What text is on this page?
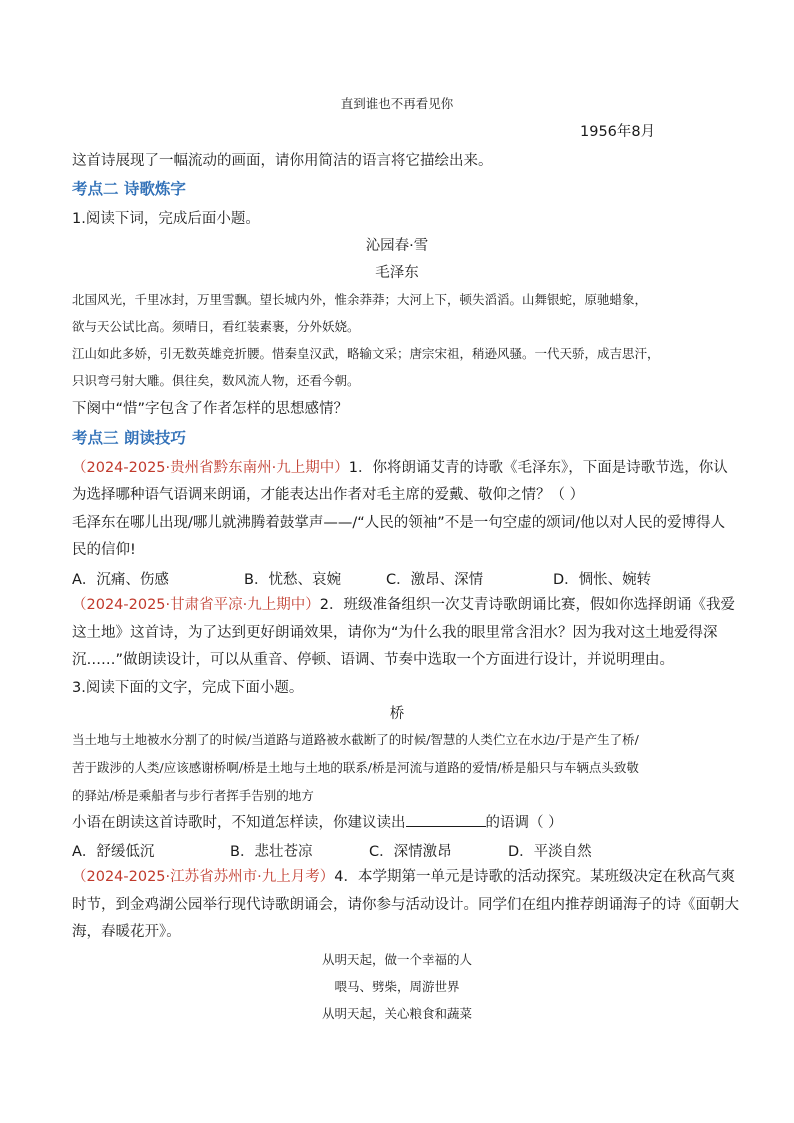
直到谁也不再看见你
1956年8月
这首诗展现了一幅流动的画面，请你用简洁的语言将它描绘出来。
考点二 诗歌炼字
1.阅读下词，完成后面小题。
沁园春·雪
毛泽东
北国风光，千里冰封，万里雪飘。望长城内外，惟余莽莽；大河上下，顿失滔滔。山舞银蛇，原驰蜡象，
欲与天公试比高。须晴日，看红装素裹，分外妖娆。
江山如此多娇，引无数英雄竞折腰。惜秦皇汉武，略输文采；唐宗宋祖，稍逊风骚。一代天骄，成吉思汗，
只识弯弓射大雕。俱往矣，数风流人物，还看今朝。
下阕中“惜”字包含了作者怎样的思想感情？
考点三 朗读技巧
（2024-2025·贵州省黔东南州·九上期中）1．你将朗诵艾青的诗歌《毛泽东》，下面是诗歌节选，你认
为选择哪种语气语调来朗诵，才能表达出作者对毛主席的爱戴、敬仰之情？（ ）
毛泽东在哪儿出现/哪儿就沸腾着鼓掌声——/“人民的领袖”不是一句空虚的颂词/他以对人民的爱博得人
民的信仰!
A．沉痛、伤感	B．忧愁、哀婉	C．激昂、深情	D．惆怅、婉转
（2024-2025·甘肃省平凉·九上期中）2．班级准备组织一次艾青诗歌朗诵比赛，假如你选择朗诵《我爱
这土地》这首诗，为了达到更好朗诵效果，请你为“为什么我的眼里常含泪水？因为我对这土地爱得深
沉……”做朗读设计，可以从重音、停顿、语调、节奏中选取一个方面进行设计，并说明理由。
3.阅读下面的文字，完成下面小题。
桥
当土地与土地被水分割了的时候/当道路与道路被水截断了的时候/智慧的人类伫立在水边/于是产生了桥/
苦于跋涉的人类/应该感谢桥啊/桥是土地与土地的联系/桥是河流与道路的爱情/桥是船只与车辆点头致敬
的驿站/桥是乘船者与步行者挥手告别的地方
小语在朗读这首诗歌时，不知道怎样读，你建议读出	的语调（ ）
A．舒缓低沉	B．悲壮苍凉	C．深情激昂	D．平淡自然
（2024-2025·江苏省苏州市·九上月考）4．本学期第一单元是诗歌的活动探究。某班级决定在秋高气爽
时节，到金鸡湖公园举行现代诗歌朗诵会，请你参与活动设计。同学们在组内推荐朗诵海子的诗《面朝大
海，春暖花开》。
从明天起，做一个幸福的人
喂马、劈柴，周游世界
从明天起，关心粮食和蔬菜
